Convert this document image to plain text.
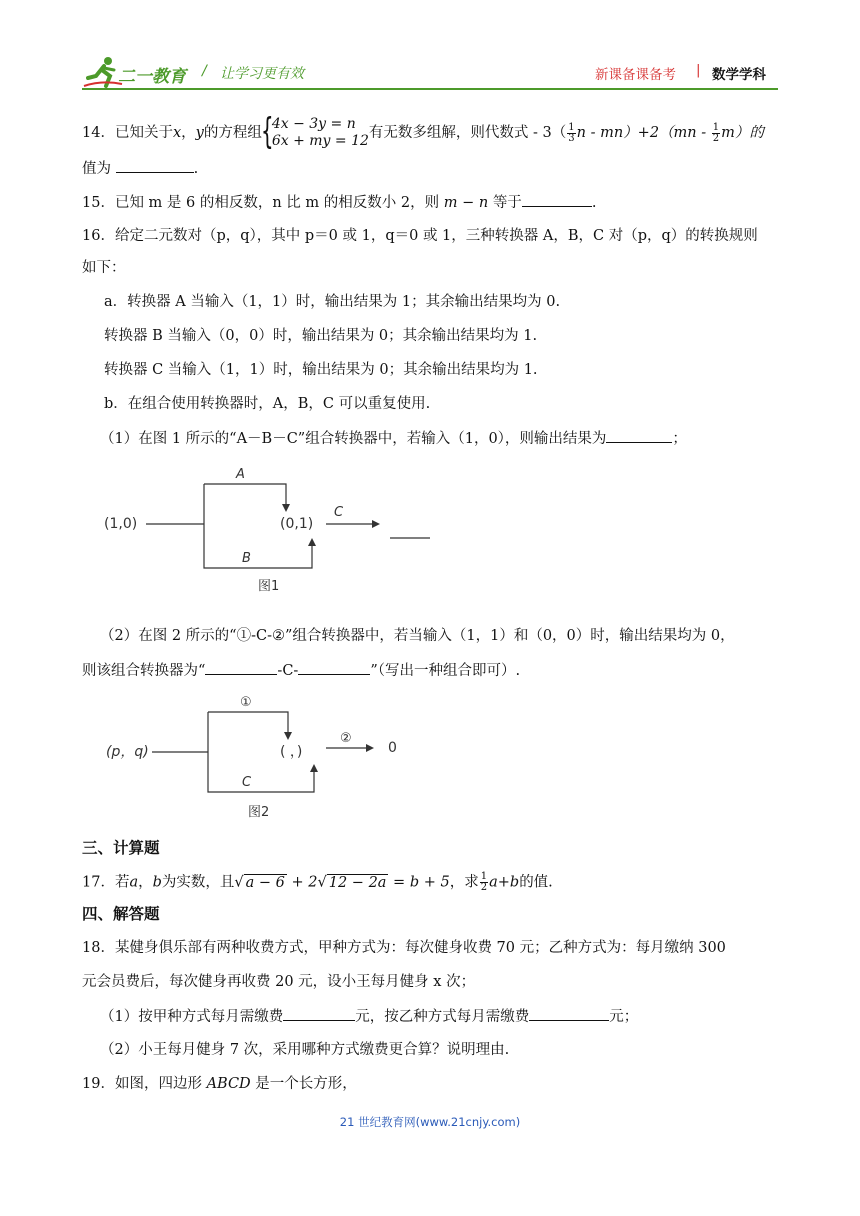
二一教育 / 让学习更有效	新课备课备考 | 数学学科
14．已知关于x，y的方程组 {
4x − 3y = n
6x + my = 12 有无数多组解，则代数式 - $3( \frac{1}{3}$ $n - mn)+2(mn - \frac{1}{2} m)$的
值为	.
15．已知 m 是 6 的相反数，n 比 m 的相反数小 2，则 m − n 等于	.
16．给定二元数对（p，q），其中 p＝0 或 1，q＝0 或 1，三种转换器 A，B，C 对（p，q）的转换规则
如下：
a．转换器 A 当输入（1，1）时，输出结果为 1；其余输出结果均为 0.
转换器 B 当输入（0，0）时，输出结果为 0；其余输出结果均为 1.
转换器 C 当输入（1，1）时，输出结果为 0；其余输出结果均为 1.
b．在组合使用转换器时，A，B，C 可以重复使用.
（1）在图 1 所示的“A－B－C”组合转换器中，若输入（1，0），则输出结果为	；
(1,0)
A
B
(0,1)
C
图1
（2）在图 2 所示的“①-C-②”组合转换器中，若当输入（1，1）和（0，0）时，输出结果均为 0，
则该组合转换器为“	-C-	”（写出一种组合即可）.
(p，q)
①
C
( ，)
②
0
图2
三、计算题
17．若a，b为实数，且√ a − 6 + 2√ 12 − 2a = b + 5，求 $\frac{1}{2} a+b$的值.
四、解答题
18．某健身俱乐部有两种收费方式，甲种方式为：每次健身收费 70 元；乙种方式为：每月缴纳 300
元会员费后，每次健身再收费 20 元，设小王每月健身 x 次；
（1）按甲种方式每月需缴费	元，按乙种方式每月需缴费	元；
（2）小王每月健身 7 次，采用哪种方式缴费更合算？说明理由.
19．如图，四边形 ABCD 是一个长方形，
21 世纪教育网(www.21cnjy.com)
